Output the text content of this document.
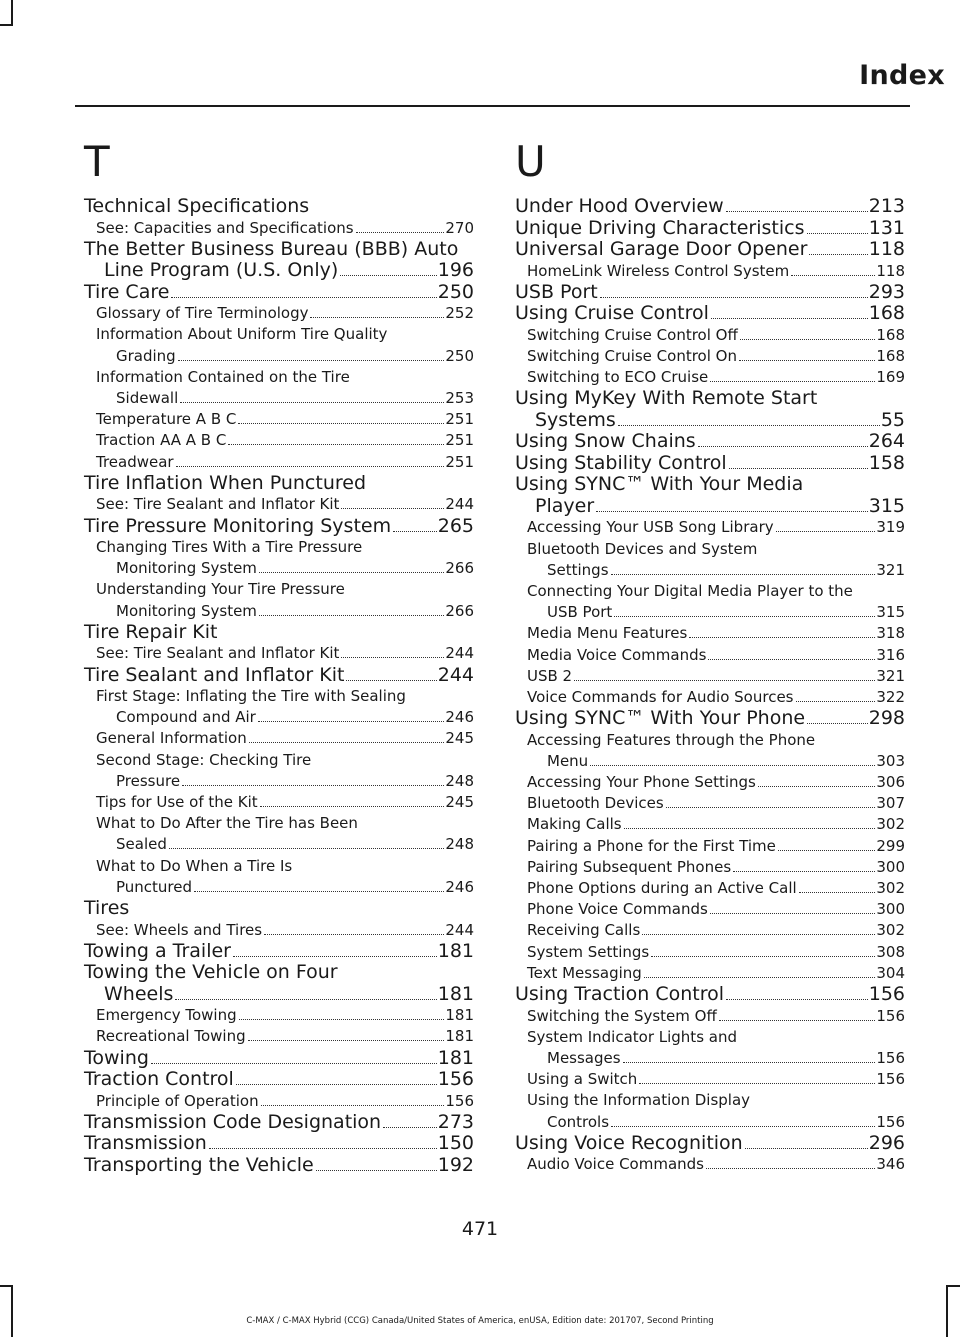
Index
T
Technical Specifications
See: Capacities and Specifications	270
The Better Business Bureau (BBB) Auto
Line Program (U.S. Only)	196
Tire Care	250
Glossary of Tire Terminology	252
Information About Uniform Tire Quality
Grading	250
Information Contained on the Tire
Sidewall	253
Temperature A B C	251
Traction AA A B C	251
Treadwear	251
Tire Inflation When Punctured
See: Tire Sealant and Inflator Kit	244
Tire Pressure Monitoring System 265
Changing Tires With a Tire Pressure
Monitoring System	266
Understanding Your Tire Pressure
Monitoring System	266
Tire Repair Kit
See: Tire Sealant and Inflator Kit	244
Tire Sealant and Inflator Kit	244
First Stage: Inflating the Tire with Sealing
Compound and Air	246
General Information	245
Second Stage: Checking Tire
Pressure	248
Tips for Use of the Kit	245
What to Do After the Tire has Been
Sealed	248
What to Do When a Tire Is
Punctured	246
Tires
See: Wheels and Tires	244
Towing a Trailer	181
Towing the Vehicle on Four
Wheels	181
Emergency Towing	181
Recreational Towing	181
Towing	181
Traction Control	156
Principle of Operation	156
Transmission Code Designation	273
Transmission	150
Transporting the Vehicle	192
U
Under Hood Overview	213
Unique Driving Characteristics	131
Universal Garage Door Opener	118
HomeLink Wireless Control System	118
USB Port	293
Using Cruise Control	168
Switching Cruise Control Off	168
Switching Cruise Control On	168
Switching to ECO Cruise	169
Using MyKey With Remote Start
Systems	55
Using Snow Chains	264
Using Stability Control	158
Using SYNC™ With Your Media
Player	315
Accessing Your USB Song Library	319
Bluetooth Devices and System
Settings	321
Connecting Your Digital Media Player to the
USB Port	315
Media Menu Features	318
Media Voice Commands	316
USB 2	321
Voice Commands for Audio Sources	322
Using SYNC™ With Your Phone	298
Accessing Features through the Phone
Menu	303
Accessing Your Phone Settings	306
Bluetooth Devices	307
Making Calls	302
Pairing a Phone for the First Time	299
Pairing Subsequent Phones	300
Phone Options during an Active Call	302
Phone Voice Commands	300
Receiving Calls	302
System Settings	308
Text Messaging	304
Using Traction Control	156
Switching the System Off	156
System Indicator Lights and
Messages	156
Using a Switch	156
Using the Information Display
Controls	156
Using Voice Recognition	296
Audio Voice Commands	346
471
C-MAX / C-MAX Hybrid (CCG) Canada/United States of America, enUSA, Edition date: 201707, Second Printing
